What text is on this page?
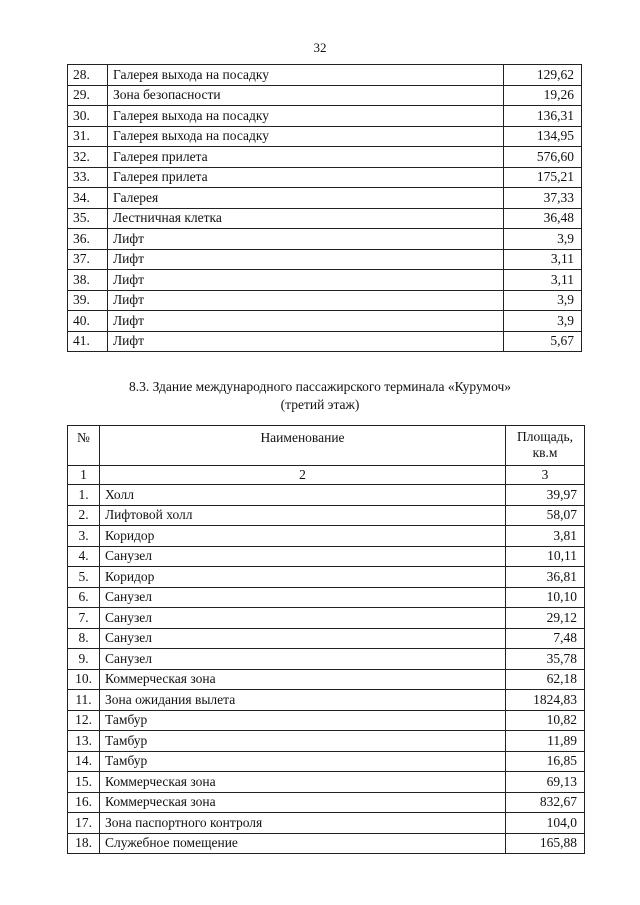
32
28.	Галерея выхода на посадку	129,62
29.	Зона безопасности	19,26
30.	Галерея выхода на посадку	136,31
31.	Галерея выхода на посадку	134,95
32.	Галерея прилета	576,60
33.	Галерея прилета	175,21
34.	Галерея	37,33
35.	Лестничная клетка	36,48
36.	Лифт	3,9
37.	Лифт	3,11
38.	Лифт	3,11
39.	Лифт	3,9
40.	Лифт	3,9
41.	Лифт	5,67
8.3. Здание международного пассажирского терминала «Курумоч»
(третий этаж)
№	Наименование	Площадь, кв.м
1	2	3
1.	Холл	39,97
2.	Лифтовой холл	58,07
3.	Коридор	3,81
4.	Санузел	10,11
5.	Коридор	36,81
6.	Санузел	10,10
7.	Санузел	29,12
8.	Санузел	7,48
9.	Санузел	35,78
10.	Коммерческая зона	62,18
11.	Зона ожидания вылета	1824,83
12.	Тамбур	10,82
13.	Тамбур	11,89
14.	Тамбур	16,85
15.	Коммерческая зона	69,13
16.	Коммерческая зона	832,67
17.	Зона паспортного контроля	104,0
18.	Служебное помещение	165,88
